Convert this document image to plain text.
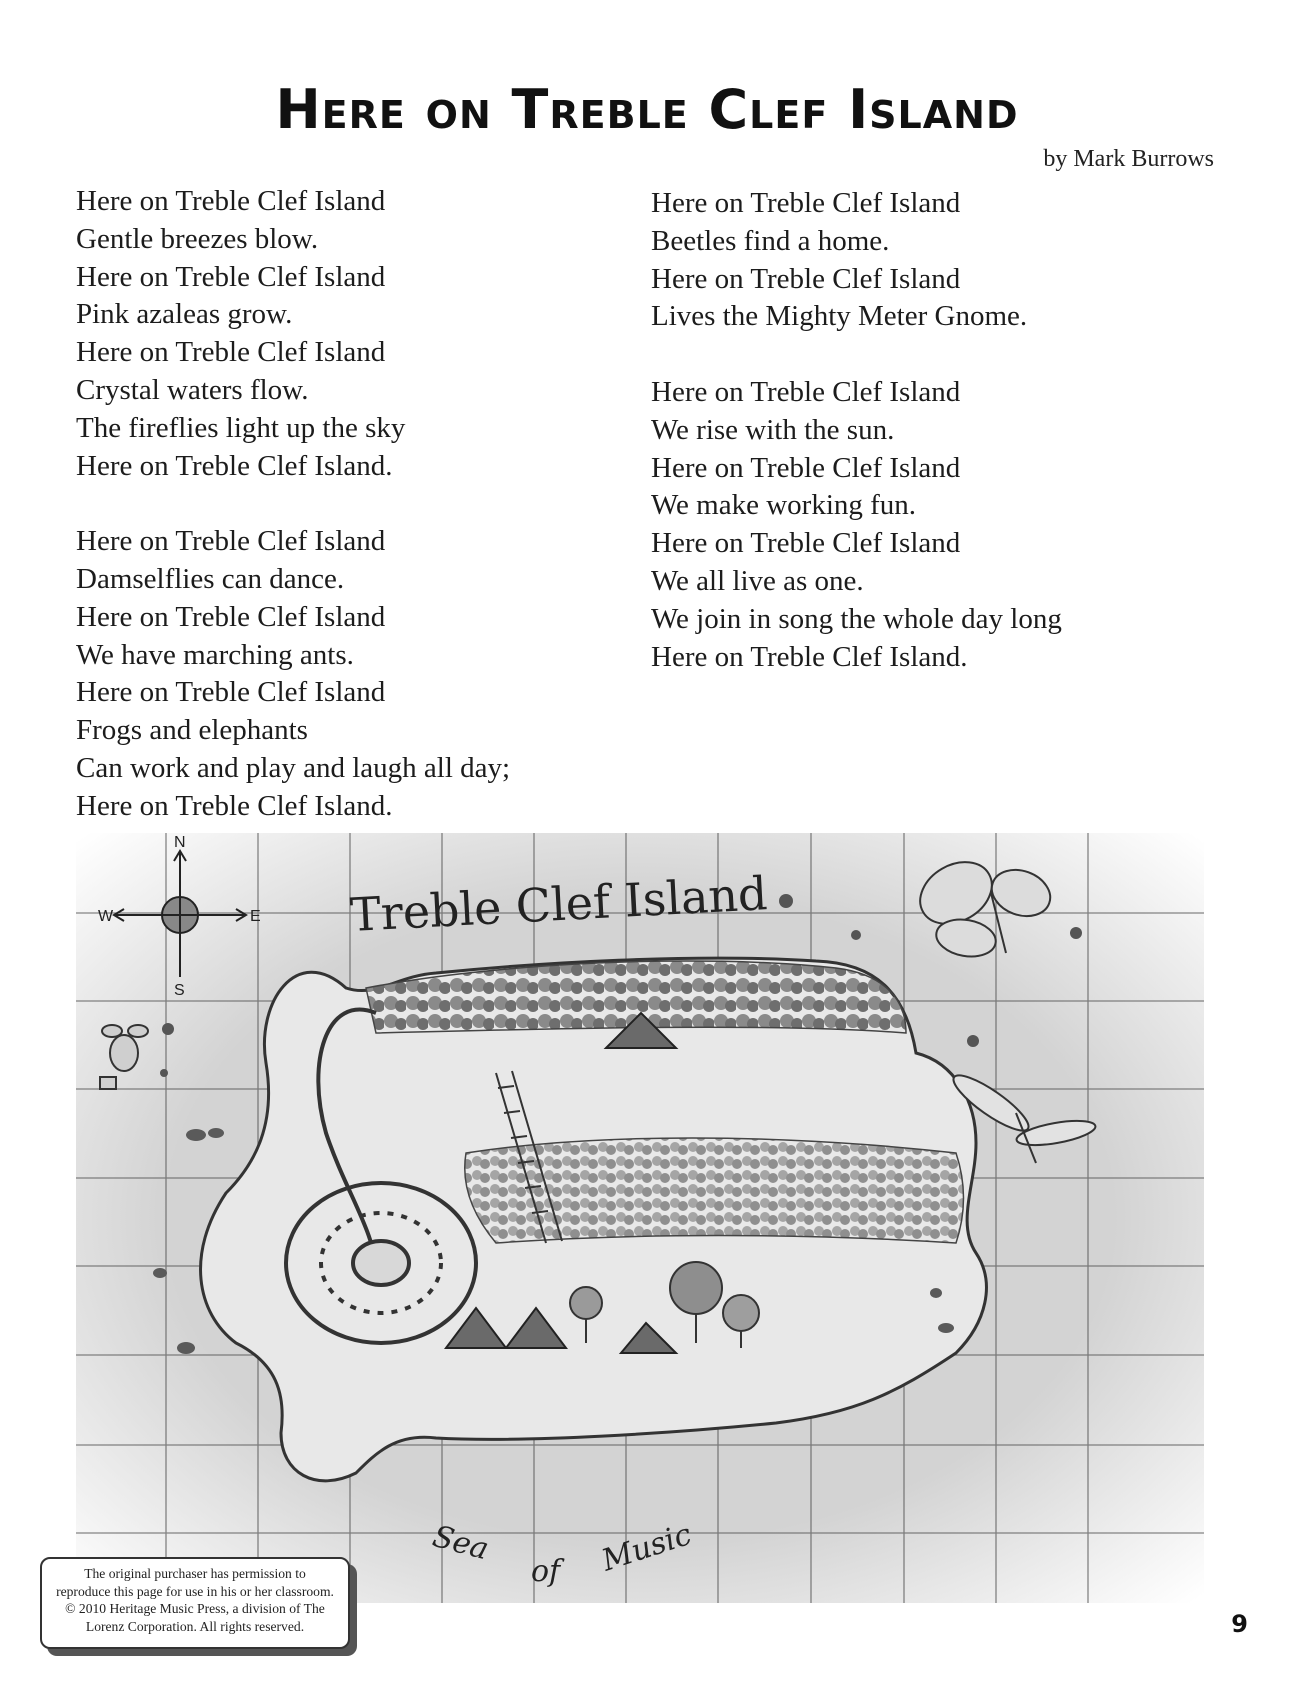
Here on Treble Clef Island

by Mark Burrows

Here on Treble Clef Island
Gentle breezes blow.
Here on Treble Clef Island
Pink azaleas grow.
Here on Treble Clef Island
Crystal waters flow.
The fireflies light up the sky
Here on Treble Clef Island.
Here on Treble Clef Island
Damselflies can dance.
Here on Treble Clef Island
We have marching ants.
Here on Treble Clef Island
Frogs and elephants
Can work and play and laugh all day;
Here on Treble Clef Island.
Here on Treble Clef Island
Beetles find a home.
Here on Treble Clef Island
Lives the Mighty Meter Gnome.
Here on Treble Clef Island
We rise with the sun.
Here on Treble Clef Island
We make working fun.
Here on Treble Clef Island
We all live as one.
We join in song the whole day long
Here on Treble Clef Island.
N
S
E
W	Treble Clef Island
Sea
of Music
The original purchaser has permission to
reproduce this page for use in his or her classroom.
© 2010 Heritage Music Press, a division of The
Lorenz Corporation. All rights reserved.	9
